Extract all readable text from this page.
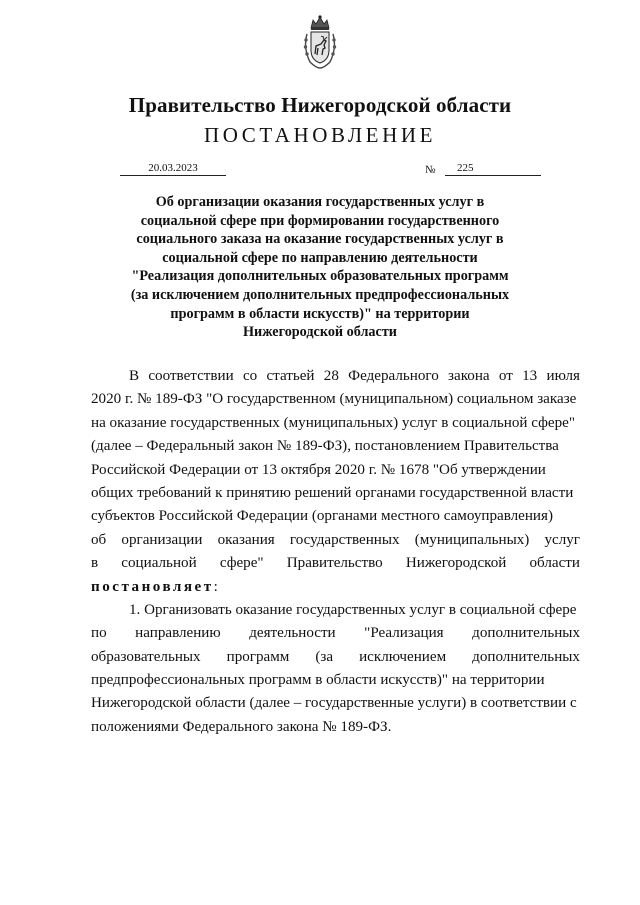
Правительство Нижегородской области
ПОСТАНОВЛЕНИЕ
20.03.2023	№	225
Об организации оказания государственных услуг в
социальной сфере при формировании государственного
социального заказа на оказание государственных услуг в
социальной сфере по направлению деятельности
"Реализация дополнительных образовательных программ
(за исключением дополнительных предпрофессиональных
программ в области искусств)" на территории
Нижегородской области
В соответствии со статьей 28 Федерального закона от 13 июля
2020 г. № 189-ФЗ "О государственном (муниципальном) социальном заказе
на оказание государственных (муниципальных) услуг в социальной сфере"
(далее – Федеральный закон № 189-ФЗ), постановлением Правительства
Российской Федерации от 13 октября 2020 г. № 1678 "Об утверждении
общих требований к принятию решений органами государственной власти
субъектов Российской Федерации (органами местного самоуправления)
об организации оказания государственных (муниципальных) услуг
в социальной сфере" Правительство Нижегородской области
постановляет:
1. Организовать оказание государственных услуг в социальной сфере
по направлению деятельности "Реализация дополнительных
образовательных программ (за исключением дополнительных
предпрофессиональных программ в области искусств)" на территории
Нижегородской области (далее – государственные услуги) в соответствии с
положениями Федерального закона № 189-ФЗ.
